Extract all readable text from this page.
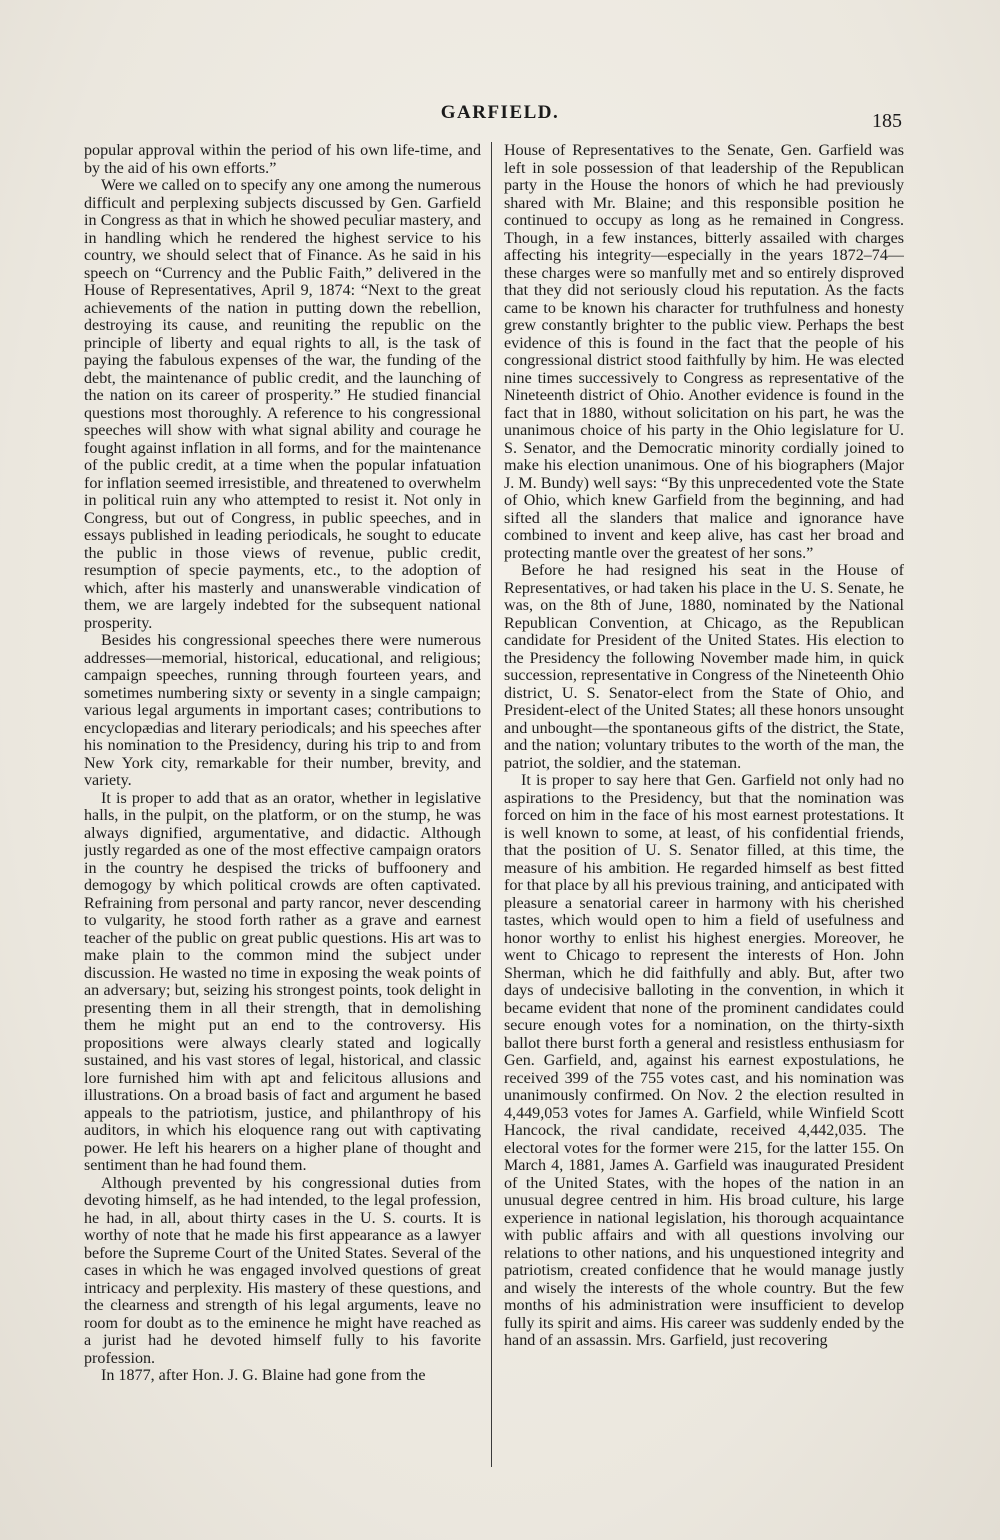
GARFIELD.	185

popular approval within the period of his own life-time, and by the aid of his own efforts.”

Were we called on to specify any one among the numerous difficult and perplexing subjects discussed by Gen. Garfield in Congress as that in which he showed peculiar mastery, and in handling which he rendered the highest service to his country, we should select that of Finance. As he said in his speech on “Currency and the Public Faith,” delivered in the House of Representatives, April 9, 1874: “Next to the great achievements of the nation in putting down the rebellion, destroying its cause, and reuniting the republic on the principle of liberty and equal rights to all, is the task of paying the fabulous expenses of the war, the funding of the debt, the maintenance of public credit, and the launching of the nation on its career of prosperity.” He studied financial questions most thoroughly. A reference to his congressional speeches will show with what signal ability and courage he fought against inflation in all forms, and for the maintenance of the public credit, at a time when the popular infatuation for inflation seemed irresistible, and threatened to overwhelm in political ruin any who attempted to resist it. Not only in Congress, but out of Congress, in public speeches, and in essays published in leading periodicals, he sought to educate the public in those views of revenue, public credit, resumption of specie payments, etc., to the adoption of which, after his masterly and unanswerable vindication of them, we are largely indebted for the subsequent national prosperity.

Besides his congressional speeches there were numerous addresses—memorial, historical, educational, and religious; campaign speeches, running through fourteen years, and sometimes numbering sixty or seventy in a single campaign; various legal arguments in important cases; contributions to encyclopædias and literary periodicals; and his speeches after his nomination to the Presidency, during his trip to and from New York city, remarkable for their number, brevity, and variety.

It is proper to add that as an orator, whether in legislative halls, in the pulpit, on the platform, or on the stump, he was always dignified, argumentative, and didactic. Although justly regarded as one of the most effective campaign orators in the country he despised the tricks of buffoonery and demogogy by which political crowds are often captivated. Refraining from personal and party rancor, never descending to vulgarity, he stood forth rather as a grave and earnest teacher of the public on great public questions. His art was to make plain to the common mind the subject under discussion. He wasted no time in exposing the weak points of an adversary; but, seizing his strongest points, took delight in presenting them in all their strength, that in demolishing them he might put an end to the controversy. His propositions were always clearly stated and logically sustained, and his vast stores of legal, historical, and classic lore furnished him with apt and felicitous allusions and illustrations. On a broad basis of fact and argument he based appeals to the patriotism, justice, and philanthropy of his auditors, in which his eloquence rang out with captivating power. He left his hearers on a higher plane of thought and sentiment than he had found them.

Although prevented by his congressional duties from devoting himself, as he had intended, to the legal profession, he had, in all, about thirty cases in the U. S. courts. It is worthy of note that he made his first appearance as a lawyer before the Supreme Court of the United States. Several of the cases in which he was engaged involved questions of great intricacy and perplexity. His mastery of these questions, and the clearness and strength of his legal arguments, leave no room for doubt as to the eminence he might have reached as a jurist had he devoted himself fully to his favorite profession.

In 1877, after Hon. J. G. Blaine had gone from the

House of Representatives to the Senate, Gen. Garfield was left in sole possession of that leadership of the Republican party in the House the honors of which he had previously shared with Mr. Blaine; and this responsible position he continued to occupy as long as he remained in Congress. Though, in a few instances, bitterly assailed with charges affecting his integrity—especially in the years 1872–74—these charges were so manfully met and so entirely disproved that they did not seriously cloud his reputation. As the facts came to be known his character for truthfulness and honesty grew constantly brighter to the public view. Perhaps the best evidence of this is found in the fact that the people of his congressional district stood faithfully by him. He was elected nine times successively to Congress as representative of the Nineteenth district of Ohio. Another evidence is found in the fact that in 1880, without solicitation on his part, he was the unanimous choice of his party in the Ohio legislature for U. S. Senator, and the Democratic minority cordially joined to make his election unanimous. One of his biographers (Major J. M. Bundy) well says: “By this unprecedented vote the State of Ohio, which knew Garfield from the beginning, and had sifted all the slanders that malice and ignorance have combined to invent and keep alive, has cast her broad and protecting mantle over the greatest of her sons.”

Before he had resigned his seat in the House of Representatives, or had taken his place in the U. S. Senate, he was, on the 8th of June, 1880, nominated by the National Republican Convention, at Chicago, as the Republican candidate for President of the United States. His election to the Presidency the following November made him, in quick succession, representative in Congress of the Nineteenth Ohio district, U. S. Senator-elect from the State of Ohio, and President-elect of the United States; all these honors unsought and unbought—the spontaneous gifts of the district, the State, and the nation; voluntary tributes to the worth of the man, the patriot, the soldier, and the stateman.

It is proper to say here that Gen. Garfield not only had no aspirations to the Presidency, but that the nomination was forced on him in the face of his most earnest protestations. It is well known to some, at least, of his confidential friends, that the position of U. S. Senator filled, at this time, the measure of his ambition. He regarded himself as best fitted for that place by all his previous training, and anticipated with pleasure a senatorial career in harmony with his cherished tastes, which would open to him a field of usefulness and honor worthy to enlist his highest energies. Moreover, he went to Chicago to represent the interests of Hon. John Sherman, which he did faithfully and ably. But, after two days of undecisive balloting in the convention, in which it became evident that none of the prominent candidates could secure enough votes for a nomination, on the thirty-sixth ballot there burst forth a general and resistless enthusiasm for Gen. Garfield, and, against his earnest expostulations, he received 399 of the 755 votes cast, and his nomination was unanimously confirmed. On Nov. 2 the election resulted in 4,449,053 votes for James A. Garfield, while Winfield Scott Hancock, the rival candidate, received 4,442,035. The electoral votes for the former were 215, for the latter 155. On March 4, 1881, James A. Garfield was inaugurated President of the United States, with the hopes of the nation in an unusual degree centred in him. His broad culture, his large experience in national legislation, his thorough acquaintance with public affairs and with all questions involving our relations to other nations, and his unquestioned integrity and patriotism, created confidence that he would manage justly and wisely the interests of the whole country. But the few months of his administration were insufficient to develop fully its spirit and aims. His career was suddenly ended by the hand of an assassin. Mrs. Garfield, just recovering
